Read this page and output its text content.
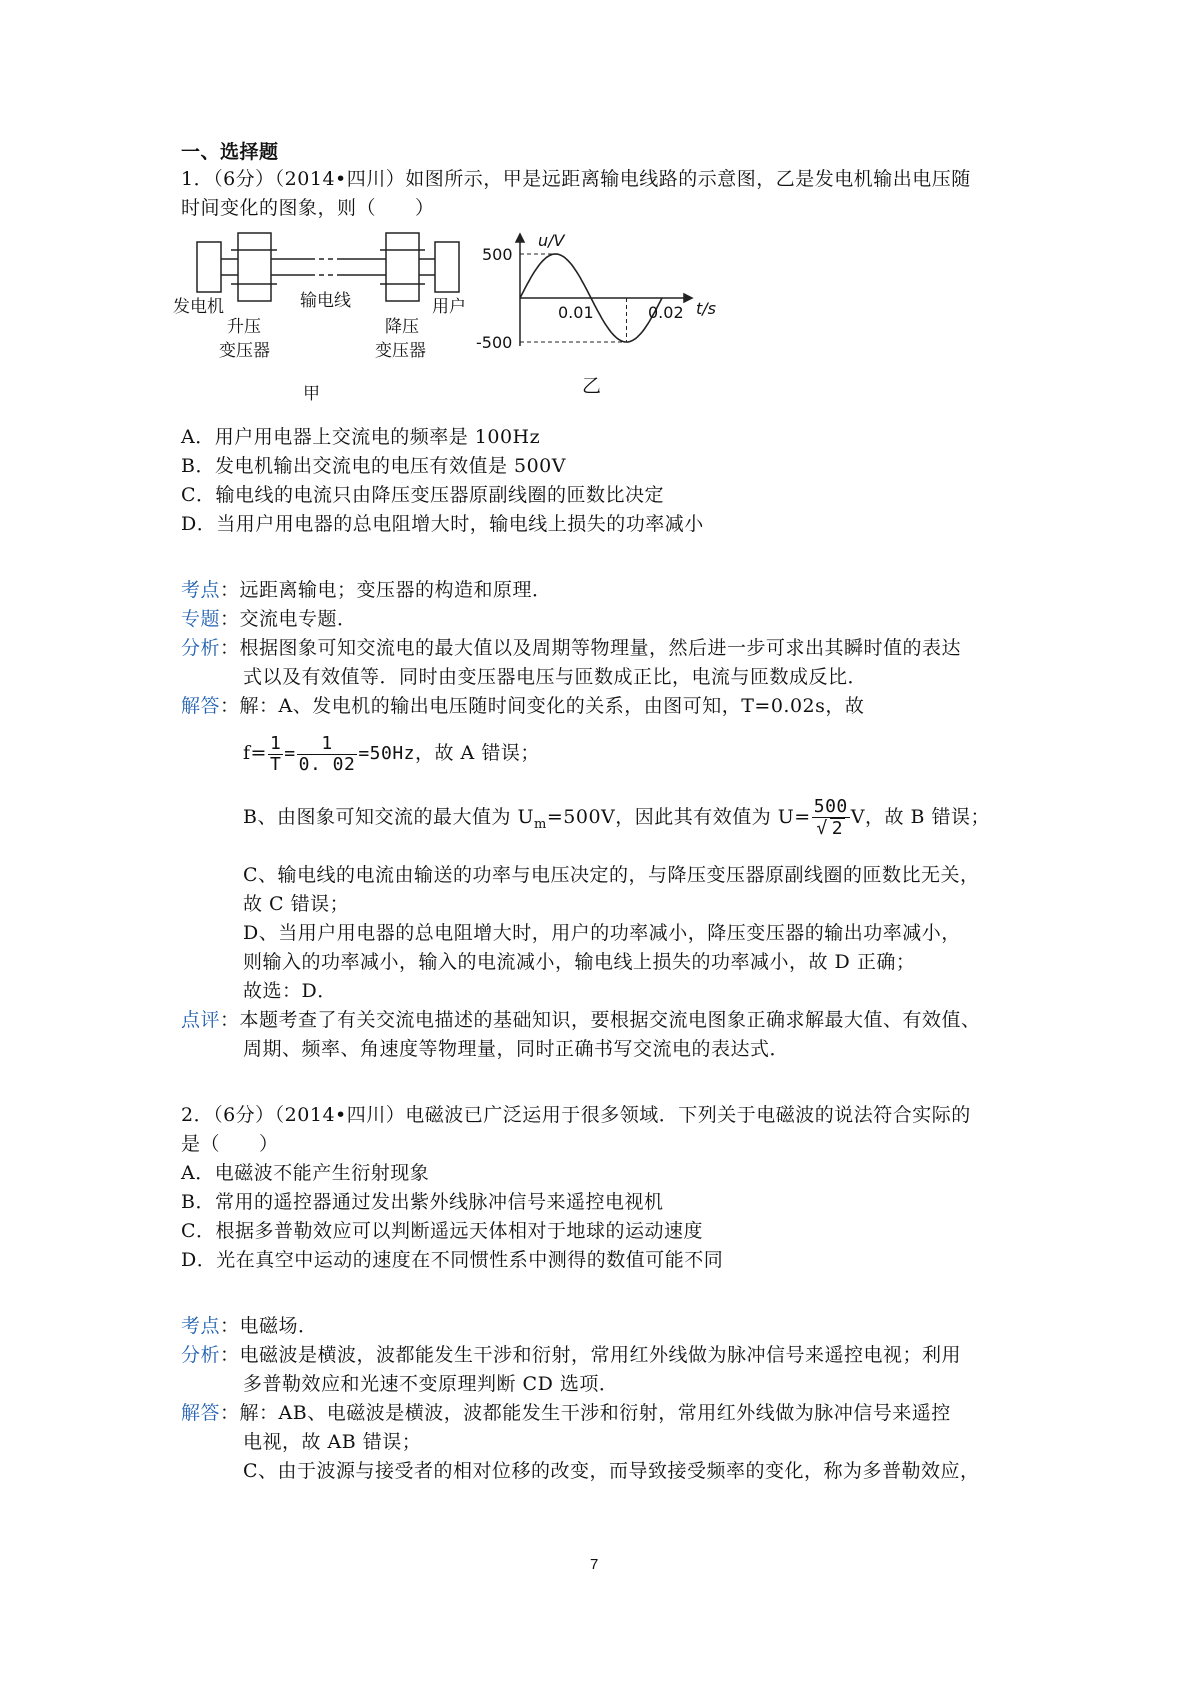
一、选择题
1．（6分）（2014•四川）如图所示，甲是远距离输电线路的示意图，乙是发电机输出电压随
时间变化的图象，则（　　）
发电机
升压
变压器
输电线
降压
变压器
用户
甲
u/V
t/s
500
-500
0.01	0.02
乙
A．用户用电器上交流电的频率是 100Hz
B．发电机输出交流电的电压有效值是 500V
C．输电线的电流只由降压变压器原副线圈的匝数比决定
D．当用户用电器的总电阻增大时，输电线上损失的功率减小
考点：远距离输电；变压器的构造和原理．
专题：交流电专题．
分析：根据图象可知交流电的最大值以及周期等物理量，然后进一步可求出其瞬时值的表达
式以及有效值等．同时由变压器电压与匝数成正比，电流与匝数成反比．
解答：解：A、发电机的输出电压随时间变化的关系，由图可知，T=0.02s，故
$f= \frac{1}{T} = \frac{1}{0. 02} =50Hz$，故 A 错误；
B、由图象可知交流的最大值为 $U_m=500V$，因此其有效值为 $U= \frac{500}{√ 2}$ V，故 B 错误；
C、输电线的电流由输送的功率与电压决定的，与降压变压器原副线圈的匝数比无关，
故 C 错误；
D、当用户用电器的总电阻增大时，用户的功率减小，降压变压器的输出功率减小，
则输入的功率减小，输入的电流减小，输电线上损失的功率减小，故 D 正确；
故选：D．
点评：本题考查了有关交流电描述的基础知识，要根据交流电图象正确求解最大值、有效值、
周期、频率、角速度等物理量，同时正确书写交流电的表达式．
2．（6分）（2014•四川）电磁波已广泛运用于很多领域．下列关于电磁波的说法符合实际的
是（　　）
A．电磁波不能产生衍射现象
B．常用的遥控器通过发出紫外线脉冲信号来遥控电视机
C．根据多普勒效应可以判断遥远天体相对于地球的运动速度
D．光在真空中运动的速度在不同惯性系中测得的数值可能不同
考点：电磁场．
分析：电磁波是横波，波都能发生干涉和衍射，常用红外线做为脉冲信号来遥控电视；利用
多普勒效应和光速不变原理判断 CD 选项．
解答：解：AB、电磁波是横波，波都能发生干涉和衍射，常用红外线做为脉冲信号来遥控
电视，故 AB 错误；
C、由于波源与接受者的相对位移的改变，而导致接受频率的变化，称为多普勒效应，
7
